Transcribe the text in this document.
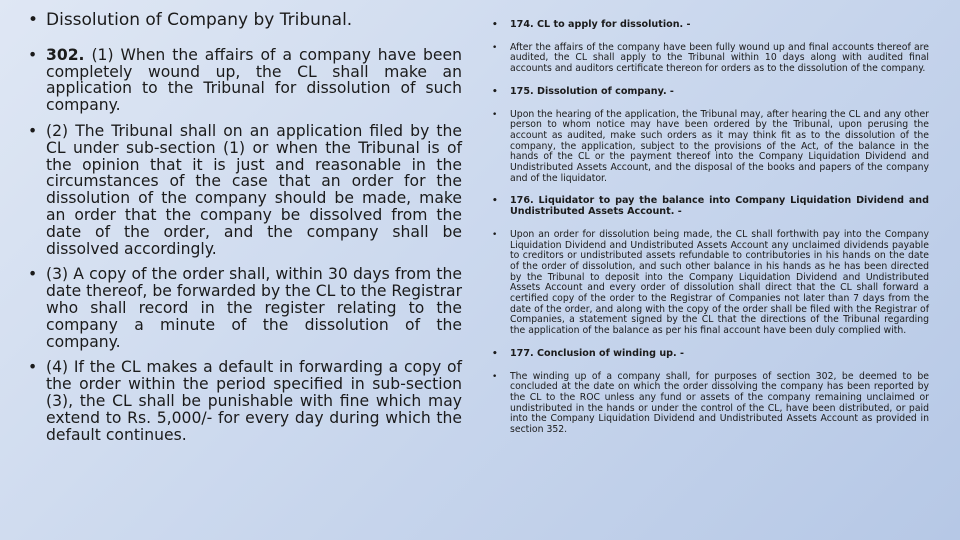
• Dissolution of Company by Tribunal.
• 302. (1) When the affairs of a company have been completely wound up, the CL shall make an application to the Tribunal for dissolution of such company.
• (2) The Tribunal shall on an application filed by the CL under sub-section (1) or when the Tribunal is of the opinion that it is just and reasonable in the circumstances of the case that an order for the dissolution of the company should be made, make an order that the company be dissolved from the date of the order, and the company shall be dissolved accordingly.
• (3) A copy of the order shall, within 30 days from the date thereof, be forwarded by the CL to the Registrar who shall record in the register relating to the company a minute of the dissolution of the company.
• (4) If the CL makes a default in forwarding a copy of the order within the period specified in sub-section (3), the CL shall be punishable with fine which may extend to Rs. 5,000/- for every day during which the default continues.
• 174. CL to apply for dissolution. -
• After the affairs of the company have been fully wound up and final accounts thereof are audited, the CL shall apply to the Tribunal within 10 days along with audited final accounts and auditors certificate thereon for orders as to the dissolution of the company.
• 175. Dissolution of company. -
• Upon the hearing of the application, the Tribunal may, after hearing the CL and any other person to whom notice may have been ordered by the Tribunal, upon perusing the account as audited, make such orders as it may think fit as to the dissolution of the company, the application, subject to the provisions of the Act, of the balance in the hands of the CL or the payment thereof into the Company Liquidation Dividend and Undistributed Assets Account, and the disposal of the books and papers of the company and of the liquidator.
• 176. Liquidator to pay the balance into Company Liquidation Dividend and Undistributed Assets Account. -
• Upon an order for dissolution being made, the CL shall forthwith pay into the Company Liquidation Dividend and Undistributed Assets Account any unclaimed dividends payable to creditors or undistributed assets refundable to contributories in his hands on the date of the order of dissolution, and such other balance in his hands as he has been directed by the Tribunal to deposit into the Company Liquidation Dividend and Undistributed Assets Account and every order of dissolution shall direct that the CL shall forward a certified copy of the order to the Registrar of Companies not later than 7 days from the date of the order, and along with the copy of the order shall be filed with the Registrar of Companies, a statement signed by the CL that the directions of the Tribunal regarding the application of the balance as per his final account have been duly complied with.
• 177. Conclusion of winding up. -
• The winding up of a company shall, for purposes of section 302, be deemed to be concluded at the date on which the order dissolving the company has been reported by the CL to the ROC unless any fund or assets of the company remaining unclaimed or undistributed in the hands or under the control of the CL, have been distributed, or paid into the Company Liquidation Dividend and Undistributed Assets Account as provided in section 352.
